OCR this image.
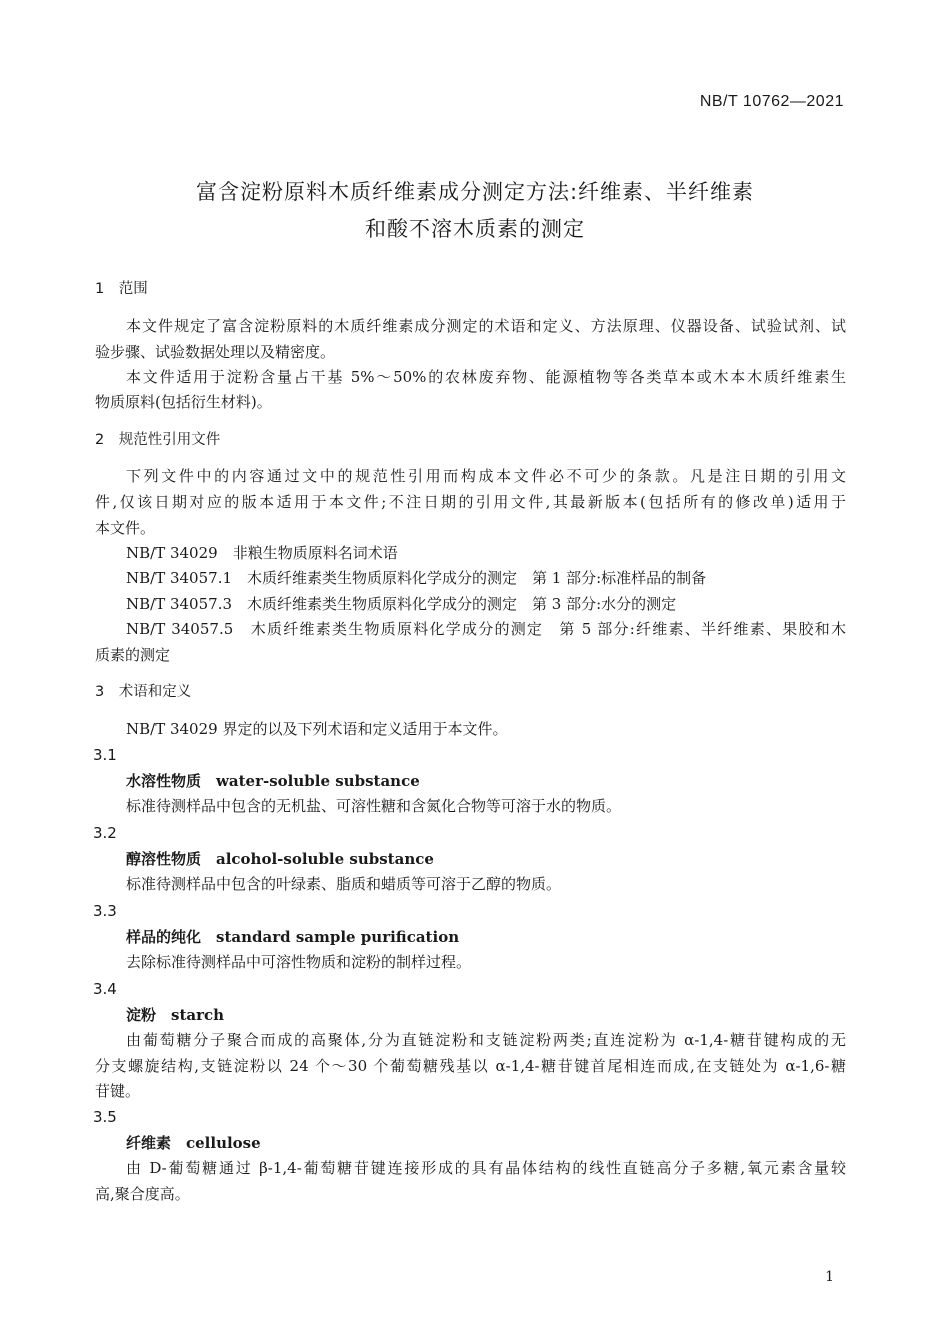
NB/T 10762—2021
富含淀粉原料木质纤维素成分测定方法:纤维素、半纤维素
和酸不溶木质素的测定
1　范围
本文件规定了富含淀粉原料的木质纤维素成分测定的术语和定义、方法原理、仪器设备、试验试剂、试
验步骤、试验数据处理以及精密度。
本文件适用于淀粉含量占干基 5%～50%的农林废弃物、能源植物等各类草本或木本木质纤维素生
物质原料(包括衍生材料)。
2　规范性引用文件
下列文件中的内容通过文中的规范性引用而构成本文件必不可少的条款。凡是注日期的引用文
件,仅该日期对应的版本适用于本文件;不注日期的引用文件,其最新版本(包括所有的修改单)适用于
本文件。
NB/T 34029　非粮生物质原料名词术语
NB/T 34057.1　木质纤维素类生物质原料化学成分的测定　第 1 部分:标准样品的制备
NB/T 34057.3　木质纤维素类生物质原料化学成分的测定　第 3 部分:水分的测定
NB/T 34057.5　木质纤维素类生物质原料化学成分的测定　第 5 部分:纤维素、半纤维素、果胶和木
质素的测定
3　术语和定义
NB/T 34029 界定的以及下列术语和定义适用于本文件。
3.1
水溶性物质　water-soluble substance
标准待测样品中包含的无机盐、可溶性糖和含氮化合物等可溶于水的物质。
3.2
醇溶性物质　alcohol-soluble substance
标准待测样品中包含的叶绿素、脂质和蜡质等可溶于乙醇的物质。
3.3
样品的纯化　standard sample purification
去除标准待测样品中可溶性物质和淀粉的制样过程。
3.4
淀粉　starch
由葡萄糖分子聚合而成的高聚体,分为直链淀粉和支链淀粉两类;直连淀粉为 α-1,4-糖苷键构成的无
分支螺旋结构,支链淀粉以 24 个～30 个葡萄糖残基以 α-1,4-糖苷键首尾相连而成,在支链处为 α-1,6-糖
苷键。
3.5
纤维素　cellulose
由 D-葡萄糖通过 β-1,4-葡萄糖苷键连接形成的具有晶体结构的线性直链高分子多糖,氧元素含量较
高,聚合度高。
1
